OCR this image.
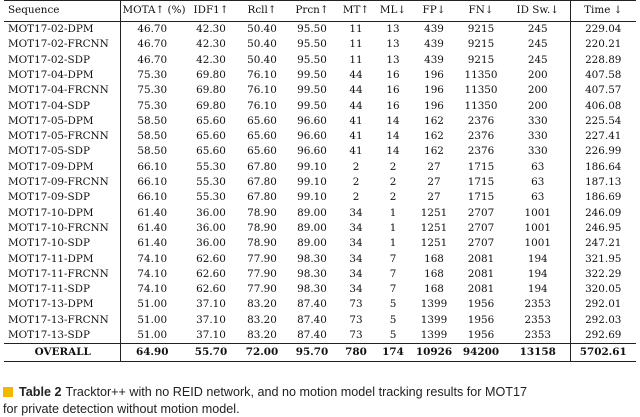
Sequence	MOTA↑ (%)	IDF1↑	Rcll↑	Prcn↑	MT↑	ML↓	FP↓	FN↓	ID Sw.↓	Time ↓
MOT17-02-DPM	46.70	42.30	50.40	95.50	11	13	439	9215	245	229.04
MOT17-02-FRCNN	46.70	42.30	50.40	95.50	11	13	439	9215	245	220.21
MOT17-02-SDP	46.70	42.30	50.40	95.50	11	13	439	9215	245	228.89
MOT17-04-DPM	75.30	69.80	76.10	99.50	44	16	196	11350	200	407.58
MOT17-04-FRCNN	75.30	69.80	76.10	99.50	44	16	196	11350	200	407.57
MOT17-04-SDP	75.30	69.80	76.10	99.50	44	16	196	11350	200	406.08
MOT17-05-DPM	58.50	65.60	65.60	96.60	41	14	162	2376	330	225.54
MOT17-05-FRCNN	58.50	65.60	65.60	96.60	41	14	162	2376	330	227.41
MOT17-05-SDP	58.50	65.60	65.60	96.60	41	14	162	2376	330	226.99
MOT17-09-DPM	66.10	55.30	67.80	99.10	2	2	27	1715	63	186.64
MOT17-09-FRCNN	66.10	55.30	67.80	99.10	2	2	27	1715	63	187.13
MOT17-09-SDP	66.10	55.30	67.80	99.10	2	2	27	1715	63	186.69
MOT17-10-DPM	61.40	36.00	78.90	89.00	34	1	1251	2707	1001	246.09
MOT17-10-FRCNN	61.40	36.00	78.90	89.00	34	1	1251	2707	1001	246.95
MOT17-10-SDP	61.40	36.00	78.90	89.00	34	1	1251	2707	1001	247.21
MOT17-11-DPM	74.10	62.60	77.90	98.30	34	7	168	2081	194	321.95
MOT17-11-FRCNN	74.10	62.60	77.90	98.30	34	7	168	2081	194	322.29
MOT17-11-SDP	74.10	62.60	77.90	98.30	34	7	168	2081	194	320.05
MOT17-13-DPM	51.00	37.10	83.20	87.40	73	5	1399	1956	2353	292.01
MOT17-13-FRCNN	51.00	37.10	83.20	87.40	73	5	1399	1956	2353	292.03
MOT17-13-SDP	51.00	37.10	83.20	87.40	73	5	1399	1956	2353	292.69
OVERALL	64.90	55.70	72.00	95.70	780	174	10926	94200	13158	5702.61
Table 2 Tracktor++ with no REID network, and no motion model tracking results for MOT17
for private detection without motion model.
